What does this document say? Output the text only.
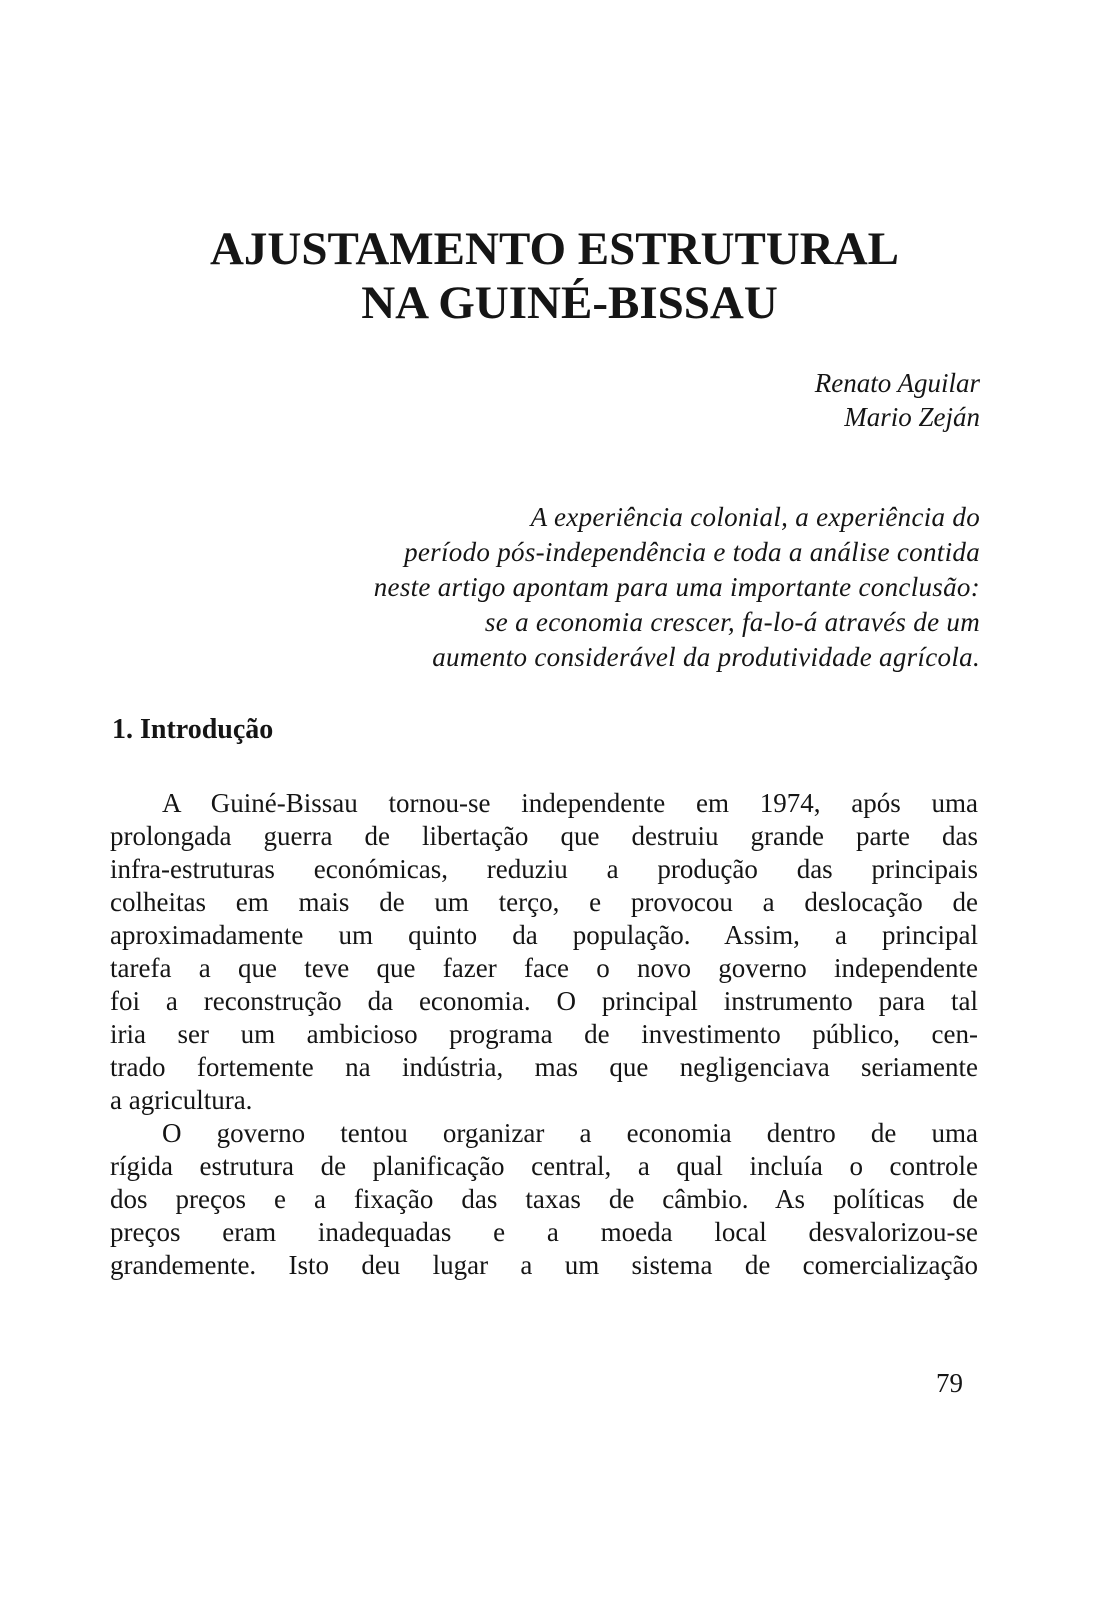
AJUSTAMENTO ESTRUTURAL
NA GUINÉ-BISSAU
Renato Aguilar
Mario Zeján
A experiência colonial, a experiência do
período pós-independência e toda a análise contida
neste artigo apontam para uma importante conclusão:
se a economia crescer, fa-lo-á através de um
aumento considerável da produtividade agrícola.
1. Introdução
A Guiné-Bissau tornou-se independente em 1974, após uma
prolongada guerra de libertação que destruiu grande parte das
infra-estruturas económicas, reduziu a produção das principais
colheitas em mais de um terço, e provocou a deslocação de
aproximadamente um quinto da população. Assim, a principal
tarefa a que teve que fazer face o novo governo independente
foi a reconstrução da economia. O principal instrumento para tal
iria ser um ambicioso programa de investimento público, cen-
trado fortemente na indústria, mas que negligenciava seriamente
a agricultura.
O governo tentou organizar a economia dentro de uma
rígida estrutura de planificação central, a qual incluía o controle
dos preços e a fixação das taxas de câmbio. As políticas de
preços eram inadequadas e a moeda local desvalorizou-se
grandemente. Isto deu lugar a um sistema de comercialização
79
